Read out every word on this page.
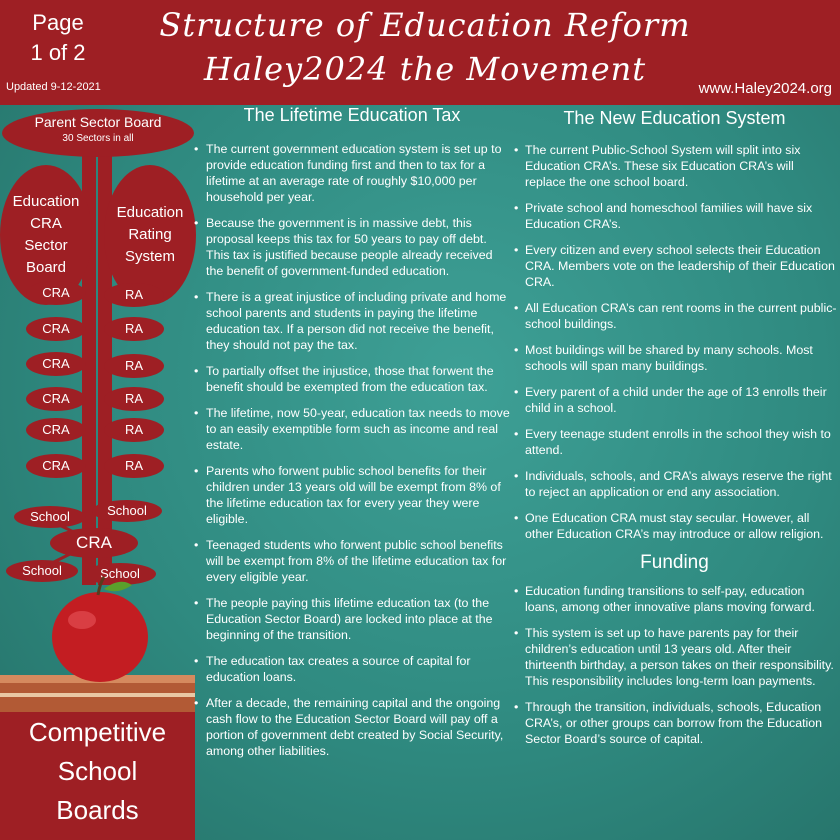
Page
1 of 2
Updated 9-12-2021
Structure of Education Reform
Haley2024 the Movement
www.Haley2024.org
Parent Sector Board
30 Sectors in all
Education
CRA
Sector
Board
Education
Rating
System
CRA
CRA
CRA
CRA
CRA
CRA
RA
RA
RA
RA
RA
RA
School	School
CRA
School	School
Competitive
School
Boards
The Lifetime Education Tax
• The current government education system is set up to provide education funding first and then to tax for a lifetime at an average rate of roughly $10,000 per household per year.
• Because the government is in massive debt, this proposal keeps this tax for 50 years to pay off debt. This tax is justified because people already received the benefit of government-funded education.
• There is a great injustice of including private and home school parents and students in paying the lifetime education tax. If a person did not receive the benefit, they should not pay the tax.
• To partially offset the injustice, those that forwent the benefit should be exempted from the education tax.
• The lifetime, now 50-year, education tax needs to move to an easily exemptible form such as income and real estate.
• Parents who forwent public school benefits for their children under 13 years old will be exempt from 8% of the lifetime education tax for every year they were eligible.
• Teenaged students who forwent public school benefits will be exempt from 8% of the lifetime education tax for every eligible year.
• The people paying this lifetime education tax (to the Education Sector Board) are locked into place at the beginning of the transition.
• The education tax creates a source of capital for education loans.
• After a decade, the remaining capital and the ongoing cash flow to the Education Sector Board will pay off a portion of government debt created by Social Security, among other liabilities.
The New Education System
• The current Public-School System will split into six Education CRA’s. These six Education CRA’s will replace the one school board.
• Private school and homeschool families will have six Education CRA’s.
• Every citizen and every school selects their Education CRA. Members vote on the leadership of their Education CRA.
• All Education CRA’s can rent rooms in the current public-school buildings.
• Most buildings will be shared by many schools. Most schools will span many buildings.
• Every parent of a child under the age of 13 enrolls their child in a school.
• Every teenage student enrolls in the school they wish to attend.
• Individuals, schools, and CRA’s always reserve the right to reject an application or end any association.
• One Education CRA must stay secular. However, all other Education CRA’s may introduce or allow religion.
Funding
• Education funding transitions to self-pay, education loans, among other innovative plans moving forward.
• This system is set up to have parents pay for their children’s education until 13 years old. After their thirteenth birthday, a person takes on their responsibility. This responsibility includes long-term loan payments.
• Through the transition, individuals, schools, Education CRA’s, or other groups can borrow from the Education Sector Board’s source of capital.
